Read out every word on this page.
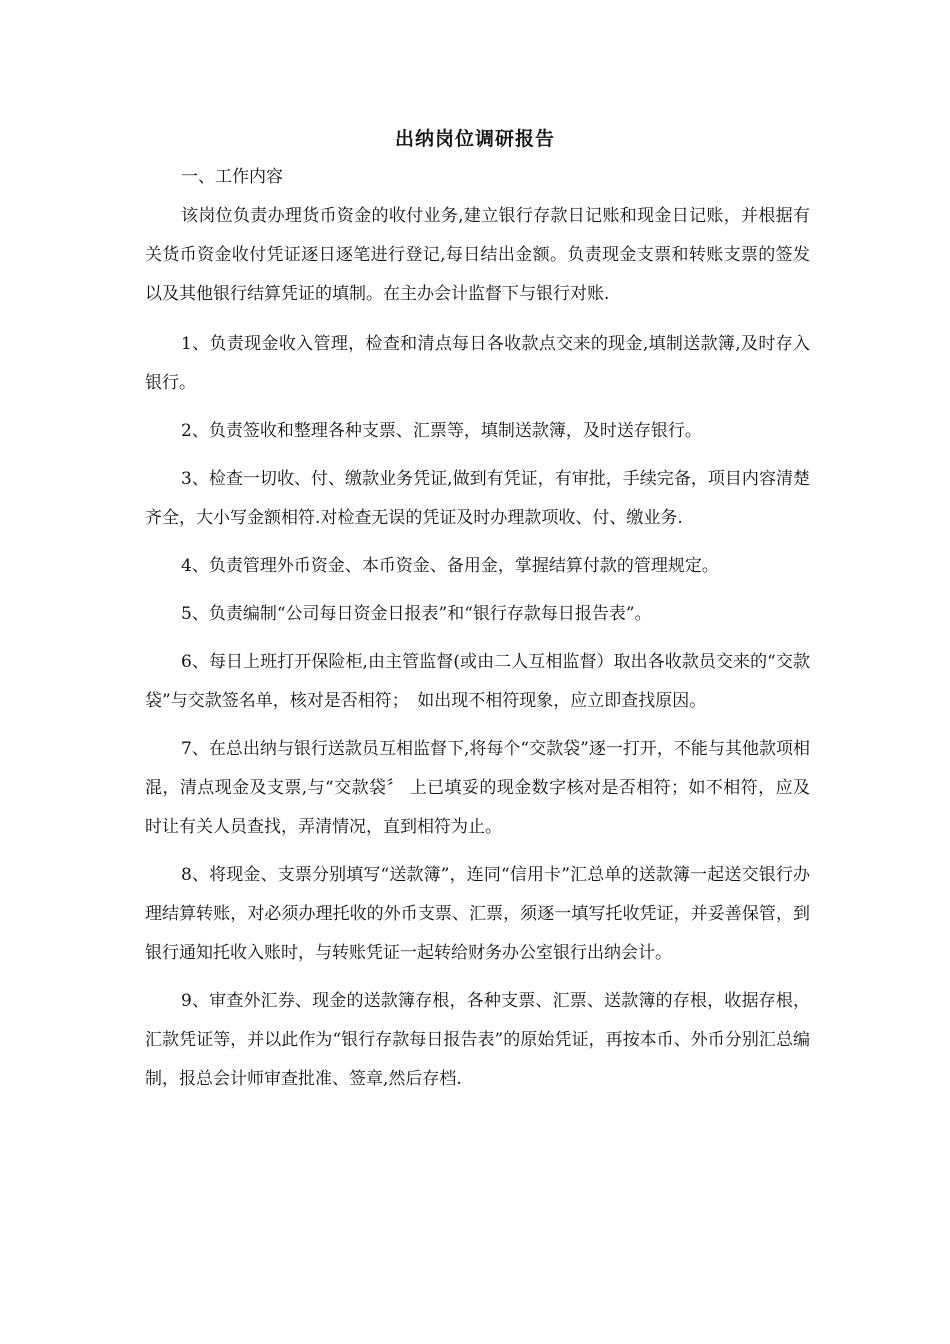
出纳岗位调研报告

一、工作内容

该岗位负责办理货币资金的收付业务,建立银行存款日记账和现金日记账，并根据有关货币资金收付凭证逐日逐笔进行登记,每日结出金额。负责现金支票和转账支票的签发以及其他银行结算凭证的填制。在主办会计监督下与银行对账.

1、负责现金收入管理，检查和清点每日各收款点交来的现金,填制送款簿,及时存入银行。

2、负责签收和整理各种支票、汇票等，填制送款簿，及时送存银行。

3、检查一切收、付、缴款业务凭证,做到有凭证，有审批，手续完备，项目内容清楚齐全，大小写金额相符.对检查无误的凭证及时办理款项收、付、缴业务.

4、负责管理外币资金、本币资金、备用金，掌握结算付款的管理规定。

5、负责编制“公司每日资金日报表”和“银行存款每日报告表”。

6、每日上班打开保险柜,由主管监督(或由二人互相监督）取出各收款员交来的“交款袋”与交款签名单，核对是否相符；　如出现不相符现象，应立即查找原因。

7、在总出纳与银行送款员互相监督下,将每个“交款袋”逐一打开，不能与其他款项相混，清点现金及支票,与“交款袋〞 上已填妥的现金数字核对是否相符；如不相符，应及时让有关人员查找，弄清情况，直到相符为止。

8、将现金、支票分别填写“送款簿”，连同“信用卡”汇总单的送款簿一起送交银行办理结算转账，对必须办理托收的外币支票、汇票，须逐一填写托收凭证，并妥善保管，到银行通知托收入账时，与转账凭证一起转给财务办公室银行出纳会计。

9、审查外汇券、现金的送款簿存根，各种支票、汇票、送款簿的存根，收据存根，汇款凭证等，并以此作为“银行存款每日报告表”的原始凭证，再按本币、外币分别汇总编制，报总会计师审查批准、签章,然后存档.
